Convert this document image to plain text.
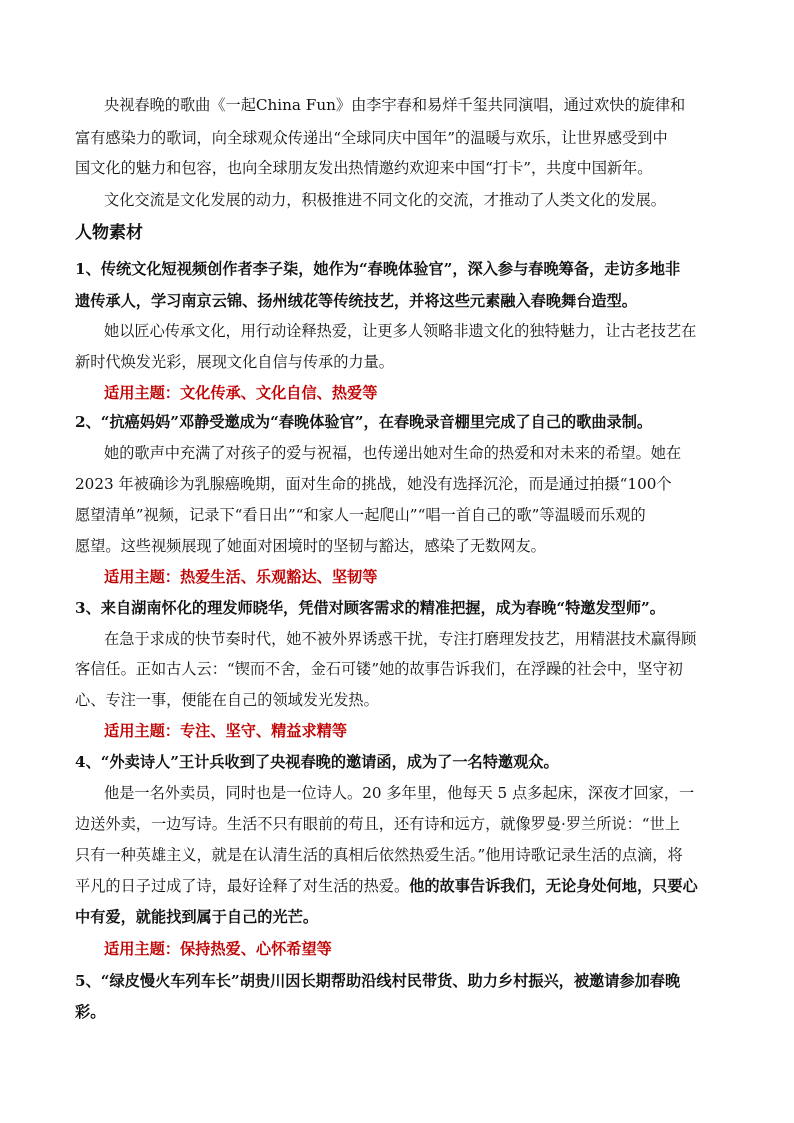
央视春晚的歌曲《一起China Fun》由李宇春和易烊千玺共同演唱，通过欢快的旋律和
富有感染力的歌词，向全球观众传递出“全球同庆中国年”的温暖与欢乐，让世界感受到中
国文化的魅力和包容，也向全球朋友发出热情邀约欢迎来中国“打卡”，共度中国新年。
文化交流是文化发展的动力，积极推进不同文化的交流，才推动了人类文化的发展。
人物素材
1、传统文化短视频创作者李子柒，她作为“春晚体验官”，深入参与春晚筹备，走访多地非
遗传承人，学习南京云锦、扬州绒花等传统技艺，并将这些元素融入春晚舞台造型。
她以匠心传承文化，用行动诠释热爱，让更多人领略非遗文化的独特魅力，让古老技艺在
新时代焕发光彩，展现文化自信与传承的力量。
适用主题：文化传承、文化自信、热爱等
2、“抗癌妈妈”邓静受邀成为“春晚体验官”，在春晚录音棚里完成了自己的歌曲录制。
她的歌声中充满了对孩子的爱与祝福，也传递出她对生命的热爱和对未来的希望。她在
2023 年被确诊为乳腺癌晚期，面对生命的挑战，她没有选择沉沦，而是通过拍摄“100个
愿望清单”视频，记录下“看日出”“和家人一起爬山”“唱一首自己的歌”等温暖而乐观的
愿望。这些视频展现了她面对困境时的坚韧与豁达，感染了无数网友。
适用主题：热爱生活、乐观豁达、坚韧等
3、来自湖南怀化的理发师晓华，凭借对顾客需求的精准把握，成为春晚“特邀发型师”。
在急于求成的快节奏时代，她不被外界诱惑干扰，专注打磨理发技艺，用精湛技术赢得顾
客信任。正如古人云：“锲而不舍，金石可镂”她的故事告诉我们，在浮躁的社会中，坚守初
心、专注一事，便能在自己的领域发光发热。
适用主题：专注、坚守、精益求精等
4、“外卖诗人”王计兵收到了央视春晚的邀请函，成为了一名特邀观众。
他是一名外卖员，同时也是一位诗人。20 多年里，他每天 5 点多起床，深夜才回家，一
边送外卖，一边写诗。生活不只有眼前的苟且，还有诗和远方，就像罗曼·罗兰所说：“世上
只有一种英雄主义，就是在认清生活的真相后依然热爱生活。”他用诗歌记录生活的点滴，将
平凡的日子过成了诗，最好诠释了对生活的热爱。他的故事告诉我们，无论身处何地，只要心
中有爱，就能找到属于自己的光芒。
适用主题：保持热爱、心怀希望等
5、“绿皮慢火车列车长”胡贵川因长期帮助沿线村民带货、助力乡村振兴，被邀请参加春晚
彩。
